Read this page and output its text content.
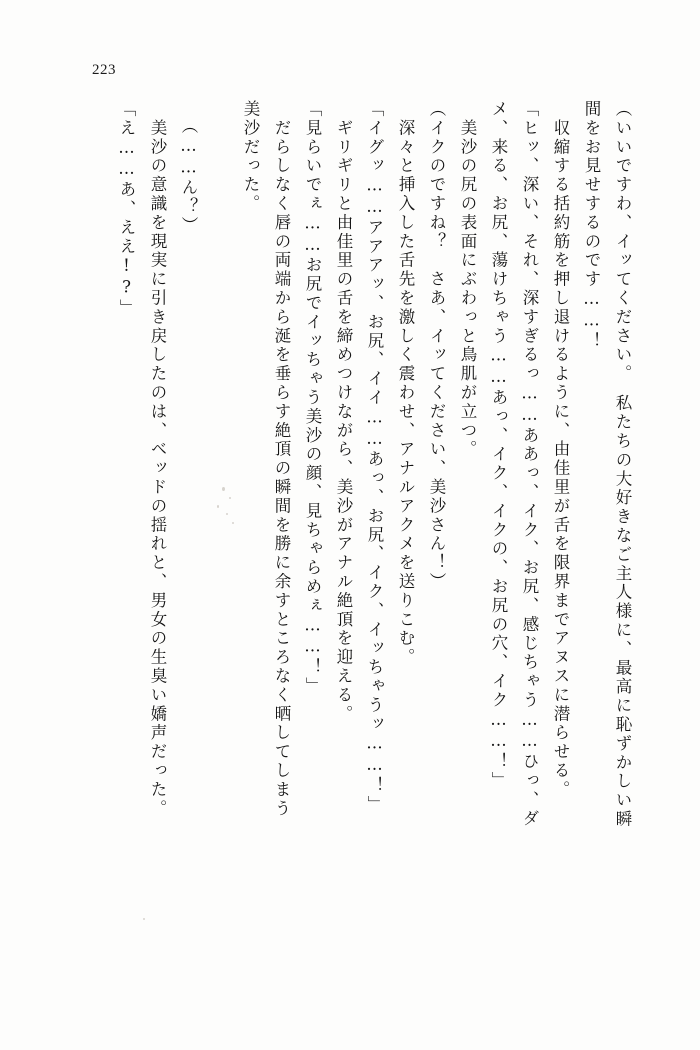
223
（いいですわ、イッてください。　私たちの大好きなご主人様に、最高に恥ずかしい瞬
間をお見せするのです……！
　収縮する括約筋を押し退けるように、由佳里が舌を限界までアヌスに潜らせる。
「ヒッ、深い、それ、深すぎるっ……ああっ、イク、お尻、感じちゃう……ひっ、ダ
メ、来る、お尻、蕩けちゃう……あっ、イク、イクの、お尻の穴、イク……！」
　美沙の尻の表面にぶわっと鳥肌が立つ。
（イクのですね？　さあ、イッてください、美沙さん！）
　深々と挿入した舌先を激しく震わせ、アナルアクメを送りこむ。
「イグッ……アアアッ、お尻、イイ……あっ、お尻、イク、イッちゃうッ……！」
　ギリギリと由佳里の舌を締めつけながら、美沙がアナル絶頂を迎える。
「見らいでぇ……お尻でイッちゃう美沙の顔、見ちゃらめぇ……！」
　だらしなく唇の両端から涎を垂らす絶頂の瞬間を勝に余すところなく晒してしまう
美沙だった。
（……ん？）
　美沙の意識を現実に引き戻したのは、ベッドの揺れと、男女の生臭い嬌声だった。
「え……あ、ええ!?」
